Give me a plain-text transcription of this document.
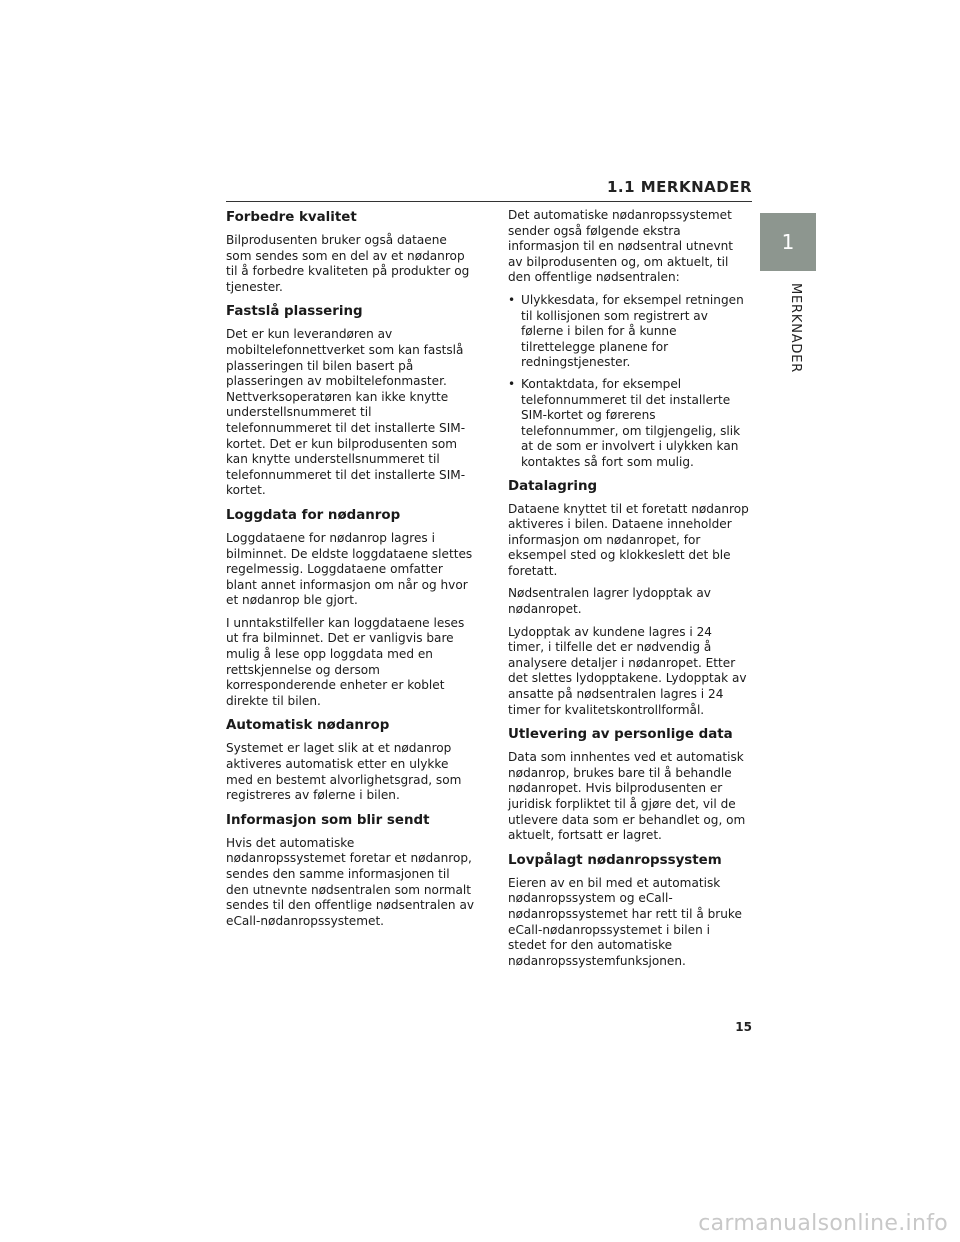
1.1 MERKNADER
1
MERKNADER
Forbedre kvalitet

Bilprodusenten bruker også dataene som sendes som en del av et nødanrop til å forbedre kvaliteten på produkter og tjenester.

Fastslå plassering

Det er kun leverandøren av mobiltelefonnettverket som kan fastslå plasseringen til bilen basert på plasseringen av mobiltelefonmaster. Nettverksoperatøren kan ikke knytte understellsnummeret til telefonnummeret til det installerte SIM-kortet. Det er kun bilprodusenten som kan knytte understellsnummeret til telefonnummeret til det installerte SIM-kortet.

Loggdata for nødanrop

Loggdataene for nødanrop lagres i bilminnet. De eldste loggdataene slettes regelmessig. Loggdataene omfatter blant annet informasjon om når og hvor et nødanrop ble gjort.

I unntakstilfeller kan loggdataene leses ut fra bilminnet. Det er vanligvis bare mulig å lese opp loggdata med en rettskjennelse og dersom korresponderende enheter er koblet direkte til bilen.

Automatisk nødanrop

Systemet er laget slik at et nødanrop aktiveres automatisk etter en ulykke med en bestemt alvorlighetsgrad, som registreres av følerne i bilen.

Informasjon som blir sendt

Hvis det automatiske nødanropssystemet foretar et nødanrop, sendes den samme informasjonen til den utnevnte nødsentralen som normalt sendes til den offentlige nødsentralen av eCall-nødanropssystemet.

Det automatiske nødanropssystemet sender også følgende ekstra informasjon til en nødsentral utnevnt av bilprodusenten og, om aktuelt, til den offentlige nødsentralen:

• Ulykkesdata, for eksempel retningen til kollisjonen som registrert av følerne i bilen for å kunne tilrettelegge planene for redningstjenester.
• Kontaktdata, for eksempel telefonnummeret til det installerte SIM-kortet og førerens telefonnummer, om tilgjengelig, slik at de som er involvert i ulykken kan kontaktes så fort som mulig.
Datalagring

Dataene knyttet til et foretatt nødanrop aktiveres i bilen. Dataene inneholder informasjon om nødanropet, for eksempel sted og klokkeslett det ble foretatt.

Nødsentralen lagrer lydopptak av nødanropet.

Lydopptak av kundene lagres i 24 timer, i tilfelle det er nødvendig å analysere detaljer i nødanropet. Etter det slettes lydopptakene. Lydopptak av ansatte på nødsentralen lagres i 24 timer for kvalitetskontrollformål.

Utlevering av personlige data

Data som innhentes ved et automatisk nødanrop, brukes bare til å behandle nødanropet. Hvis bilprodusenten er juridisk forpliktet til å gjøre det, vil de utlevere data som er behandlet og, om aktuelt, fortsatt er lagret.

Lovpålagt nødanropssystem

Eieren av en bil med et automatisk nødanropssystem og eCall-nødanropssystemet har rett til å bruke eCall-nødanropssystemet i bilen i stedet for den automatiske nødanropssystemfunksjonen.

15
carmanualsonline.info
